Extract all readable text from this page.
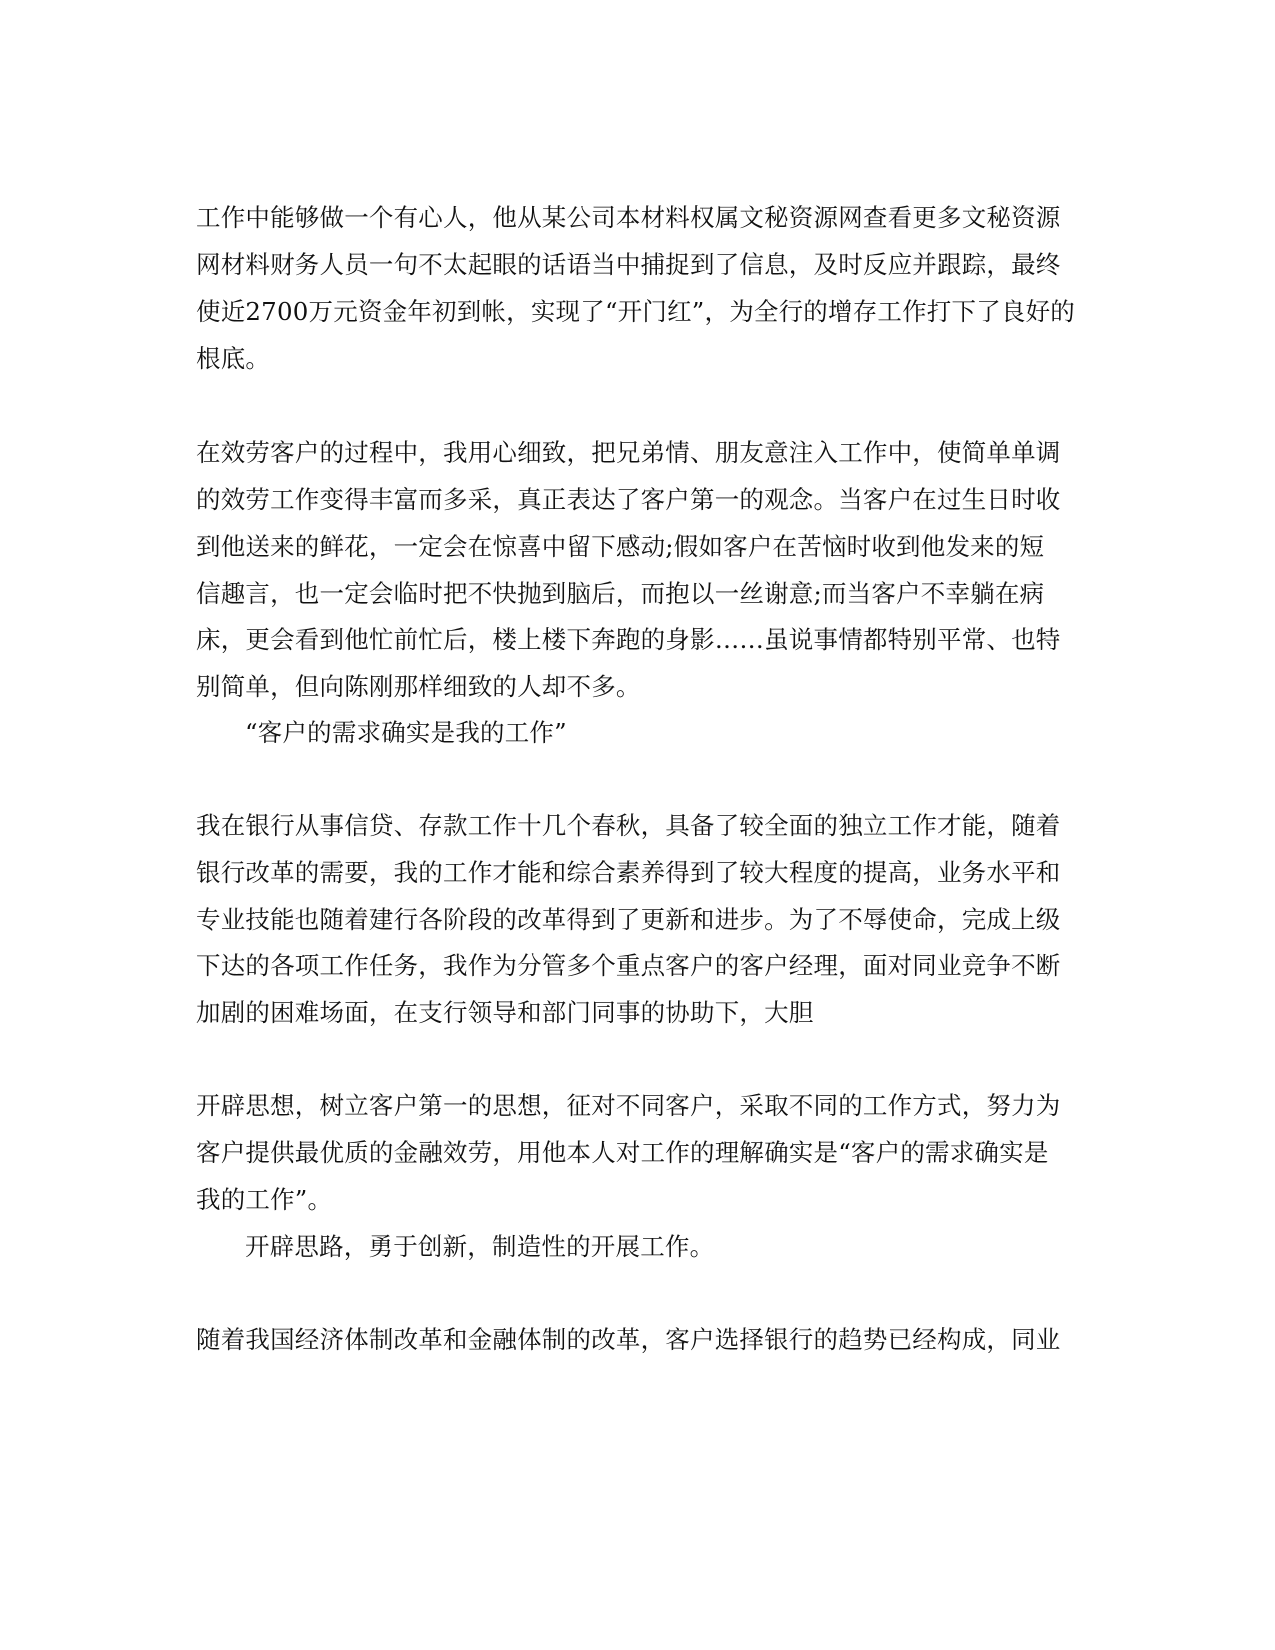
工作中能够做一个有心人，他从某公司本材料权属文秘资源网查看更多文秘资源
网材料财务人员一句不太起眼的话语当中捕捉到了信息，及时反应并跟踪，最终
使近2700万元资金年初到帐，实现了“开门红”，为全行的增存工作打下了良好的
根底。
在效劳客户的过程中，我用心细致，把兄弟情、朋友意注入工作中，使简单单调
的效劳工作变得丰富而多采，真正表达了客户第一的观念。当客户在过生日时收
到他送来的鲜花，一定会在惊喜中留下感动;假如客户在苦恼时收到他发来的短
信趣言，也一定会临时把不快抛到脑后，而抱以一丝谢意;而当客户不幸躺在病
床，更会看到他忙前忙后，楼上楼下奔跑的身影……虽说事情都特别平常、也特
别简单，但向陈刚那样细致的人却不多。
“客户的需求确实是我的工作”
我在银行从事信贷、存款工作十几个春秋，具备了较全面的独立工作才能，随着
银行改革的需要，我的工作才能和综合素养得到了较大程度的提高，业务水平和
专业技能也随着建行各阶段的改革得到了更新和进步。为了不辱使命，完成上级
下达的各项工作任务，我作为分管多个重点客户的客户经理，面对同业竞争不断
加剧的困难场面，在支行领导和部门同事的协助下，大胆
开辟思想，树立客户第一的思想，征对不同客户，采取不同的工作方式，努力为
客户提供最优质的金融效劳，用他本人对工作的理解确实是“客户的需求确实是
我的工作”。
开辟思路，勇于创新，制造性的开展工作。
随着我国经济体制改革和金融体制的改革，客户选择银行的趋势已经构成，同业
